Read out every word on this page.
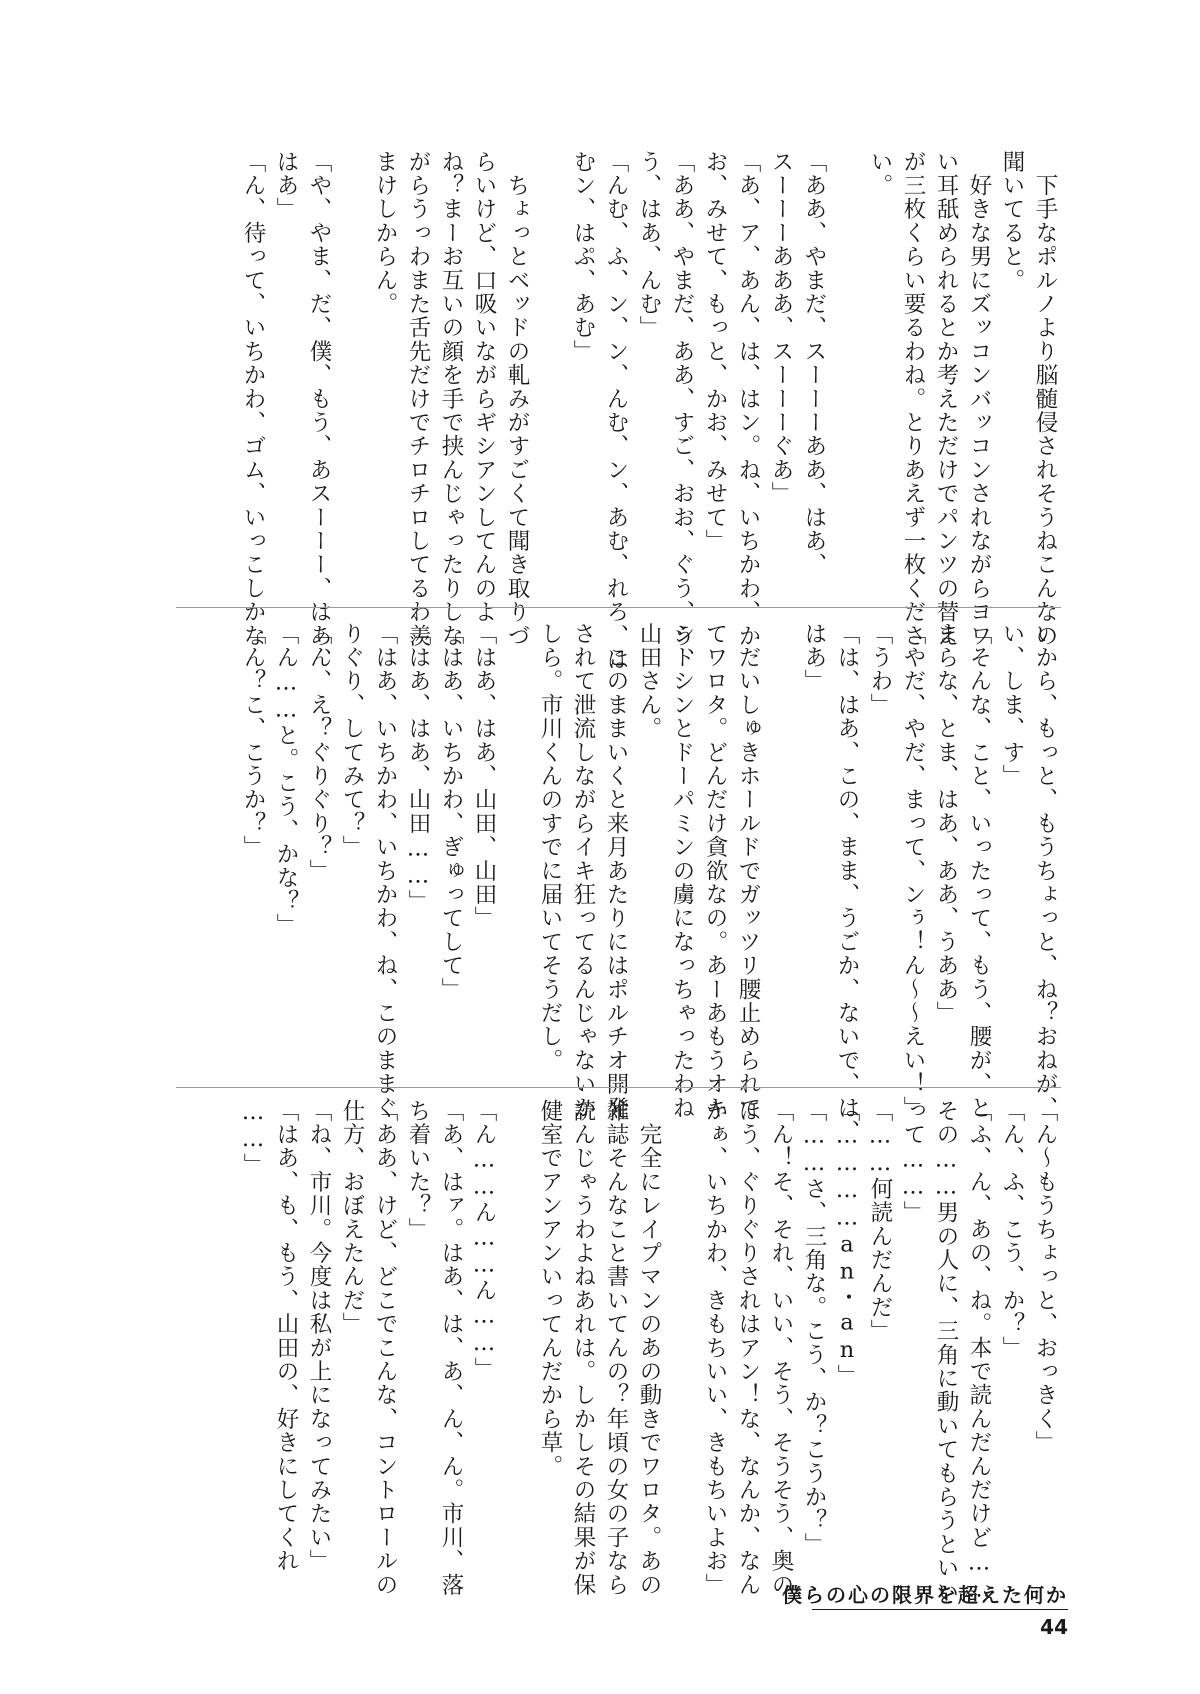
　下手なポルノより脳髄侵されそうねこんなの

聞いてると。

　好きな男にズッコンバッコンされながらヨワ

い耳舐められるとか考えただけでパンツの替え

が三枚くらい要るわね。とりあえず一枚くださ

い。

「ああ、やまだ、スーーーああ、はあ、

スーーーあああ、スーーーぐあ」

「あ、ア、あん、は、はン。ね、いちかわ、か

お、みせて、もっと、かお、みせて」

「ああ、やまだ、ああ、すご、おお、ぐう、う、

う、はあ、んむ」

「んむ、ふ、ン、ン、んむ、ン、あむ、れろ、は

むン、はぷ、あむ」

　ちょっとベッドの軋みがすごくて聞き取りづ

らいけど、口吸いながらギシアンしてんのよ

ね？まーお互いの顔を手で挟んじゃったりしな

がらうっわまた舌先だけでチロチロしてるわ羨

まけしからん。

「や、やま、だ、僕、もう、あスーーー、はあ、

はあ」

「ん、待って、いちかわ、ゴム、いっこしかな

いから、もっと、もうちょっと、ね？おねが、

い、しま、す」

「そんな、こと、いったって、もう、腰が、と

まらな、とま、はあ、ああ、うああ」

「やだ、やだ、まって、ンぅ！ん～～えい！」

「うわ」

「は、はあ、この、まま、うごか、ないで、は、

はあ」

　だいしゅきホールドでガッツリ腰止められて

てワロタ。どんだけ貪欲なの。あーあもうオキ

シトシンとドーパミンの虜になっちゃったわね

山田さん。

　このままいくと来月あたりにはポルチオ開発

されて泄流しながらイキ狂ってるんじゃないか

しら。市川くんのすでに届いてそうだし。

「はあ、はあ、山田、山田」

「はあ、いちかわ、ぎゅってして」

「はあ、はあ、山田……」

「はあ、いちかわ、いちかわ、ね、このままぐ

りぐり、してみて？」

「ん、え？ぐりぐり？」

「ん……と。こう、かな？」

「ん？こ、こうか？」

「ん～もうちょっと、おっきく」

「ん、ふ、こう、か？」

「ふ、ん、あの、ね。本で読んだんだけど……

その……男の人に、三角に動いてもらうといい

って……」

「……何読んだんだ」

「…………an・an」

「……さ、三角な。こう、か？こうか？」

「ん！そ、それ、いい、そう、そうそう、奥の

ほう、ぐりぐりされはアン！な、なんか、なん

かぁ、いちかわ、きもちいい、きもちいよお」

　完全にレイプマンのあの動きでワロタ。あの

雑誌そんなこと書いてんの？年頃の女の子なら

読んじゃうわよねあれは。しかしその結果が保

健室でアンアンいってんだから草。

「ん……ん……ん……」

「あ、はァ。はあ、は、あ、ん、ん。市川、落

ち着いた？」

「ああ、けど、どこでこんな、コントロールの

仕方、おぼえたんだ」

「ね、市川。今度は私が上になってみたい」

「はあ、も、もう、山田の、好きにしてくれ

……」

僕らの心の限界を超えた何か
44
